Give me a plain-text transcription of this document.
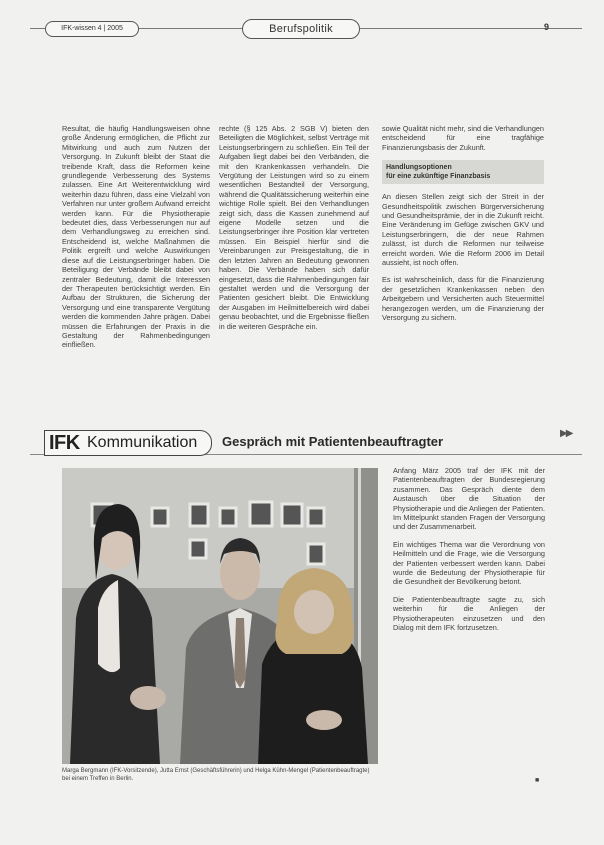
IFK-wissen 4 | 2005	Berufspolitik	9

Resultat, die häufig Handlungsweisen ohne große Änderung ermöglichen, die Pflicht zur Mitwirkung und auch zum Nutzen der Versorgung. In Zukunft bleibt der Staat die treibende Kraft, dass die Reformen keine grundlegende Verbesserung des Systems zulassen. Eine Art Weiterentwicklung wird weiterhin dazu führen, dass eine Vielzahl von Verfahren nur unter großem Aufwand erreicht werden kann. Für die Physiotherapie bedeutet dies, dass Verbesserungen nur auf dem Verhandlungsweg zu erreichen sind. Entscheidend ist, welche Maßnahmen die Politik ergreift und welche Auswirkungen diese auf die Leistungserbringer haben. Die Beteiligung der Verbände bleibt dabei von zentraler Bedeutung, damit die Interessen der Therapeuten berücksichtigt werden. Ein Aufbau der Strukturen, die Sicherung der Versorgung und eine transparente Vergütung werden die kommenden Jahre prägen. Dabei müssen die Erfahrungen der Praxis in die Gestaltung der Rahmenbedingungen einfließen.

rechte (§ 125 Abs. 2 SGB V) bieten den Beteiligten die Möglichkeit, selbst Verträge mit Leistungserbringern zu schließen. Ein Teil der Aufgaben liegt dabei bei den Verbänden, die mit den Krankenkassen verhandeln. Die Vergütung der Leistungen wird so zu einem wesentlichen Bestandteil der Versorgung, während die Qualitätssicherung weiterhin eine wichtige Rolle spielt. Bei den Verhandlungen zeigt sich, dass die Kassen zunehmend auf eigene Modelle setzen und die Leistungserbringer ihre Position klar vertreten müssen. Ein Beispiel hierfür sind die Vereinbarungen zur Preisgestaltung, die in den letzten Jahren an Bedeutung gewonnen haben. Die Verbände haben sich dafür eingesetzt, dass die Rahmenbedingungen fair gestaltet werden und die Versorgung der Patienten gesichert bleibt. Die Entwicklung der Ausgaben im Heilmittelbereich wird dabei genau beobachtet, und die Ergebnisse fließen in die weiteren Gespräche ein.

sowie Qualität nicht mehr, sind die Verhandlungen entscheidend für eine tragfähige Finanzierungsbasis der Zukunft.

Handlungsoptionen
für eine zukünftige Finanzbasis

An diesen Stellen zeigt sich der Streit in der Gesundheitspolitik zwischen Bürgerversicherung und Gesundheitsprämie, der in die Zukunft reicht. Eine Veränderung im Gefüge zwischen GKV und Leistungserbringern, die der neue Rahmen zulässt, ist durch die Reformen nur teilweise erreicht worden. Wie die Reform 2006 im Detail aussieht, ist noch offen.

Es ist wahrscheinlich, dass für die Finanzierung der gesetzlichen Krankenkassen neben den Arbeitgebern und Versicherten auch Steuermittel herangezogen werden, um die Finanzierung der Versorgung zu sichern.

▶▶
IFK Kommunikation Gespräch mit Patientenbeauftragter
Marga Bergmann (IFK-Vorsitzende), Jutta Ernst (Geschäftsführerin) und Helga Kühn-Mengel (Patientenbeauftragte)
bei einem Treffen in Berlin.

Anfang März 2005 traf der IFK mit der Patientenbeauftragten der Bundesregierung zusammen. Das Gespräch diente dem Austausch über die Situation der Physiotherapie und die Anliegen der Patienten. Im Mittelpunkt standen Fragen der Versorgung und der Zusammenarbeit.

Ein wichtiges Thema war die Verordnung von Heilmitteln und die Frage, wie die Versorgung der Patienten verbessert werden kann. Dabei wurde die Bedeutung der Physiotherapie für die Gesundheit der Bevölkerung betont.

Die Patientenbeauftragte sagte zu, sich weiterhin für die Anliegen der Physiotherapeuten einzusetzen und den Dialog mit dem IFK fortzusetzen.

■
